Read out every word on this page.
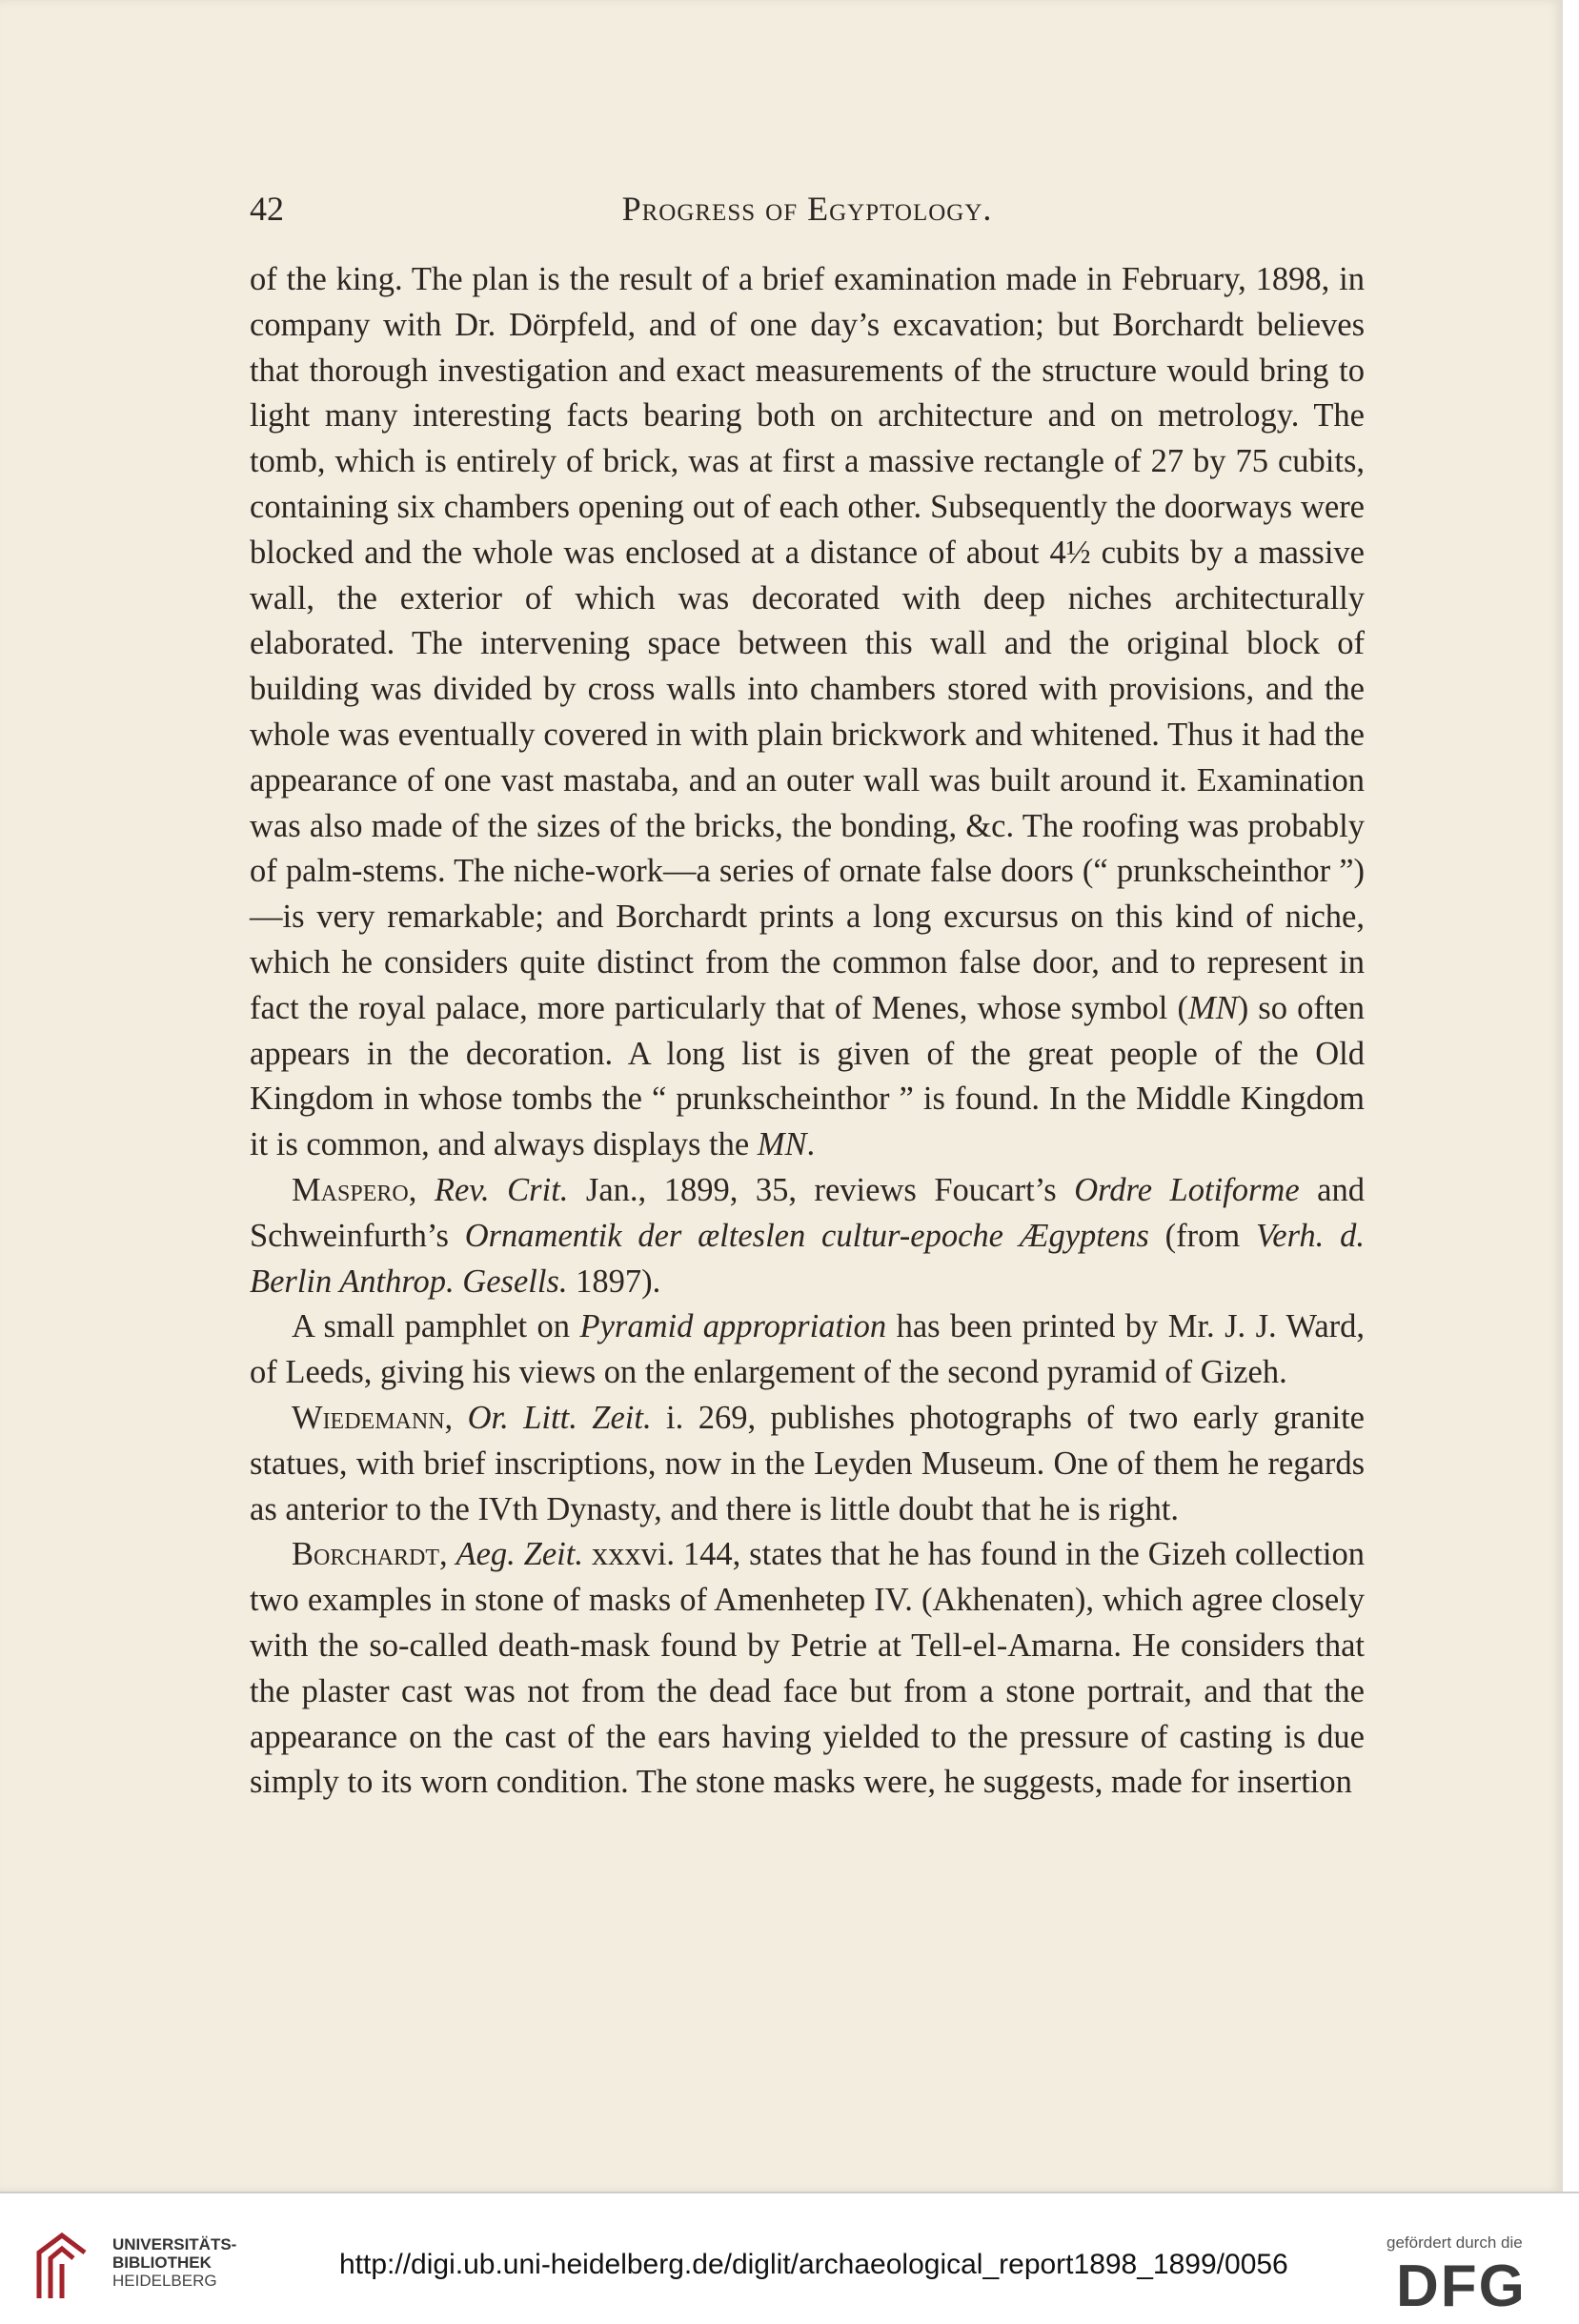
42	Progress of Egyptology.

of the king. The plan is the result of a brief examination made in February, 1898, in company with Dr. Dörpfeld, and of one day’s excavation; but Borchardt believes that thorough investigation and exact measurements of the structure would bring to light many interesting facts bearing both on architecture and on metrology. The tomb, which is entirely of brick, was at first a massive rectangle of 27 by 75 cubits, containing six chambers opening out of each other. Subsequently the doorways were blocked and the whole was enclosed at a distance of about 4½ cubits by a massive wall, the exterior of which was decorated with deep niches architecturally elaborated. The intervening space between this wall and the original block of building was divided by cross walls into chambers stored with provisions, and the whole was eventually covered in with plain brickwork and whitened. Thus it had the appearance of one vast mastaba, and an outer wall was built around it. Examination was also made of the sizes of the bricks, the bonding, &c. The roofing was probably of palm-stems. The niche-work—a series of ornate false doors (“ prunkscheinthor ”)—is very remarkable; and Borchardt prints a long excursus on this kind of niche, which he considers quite distinct from the common false door, and to represent in fact the royal palace, more particularly that of Menes, whose symbol (MN) so often appears in the decoration. A long list is given of the great people of the Old Kingdom in whose tombs the “ prunkscheinthor ” is found. In the Middle Kingdom it is common, and always displays the MN.

Maspero, Rev. Crit. Jan., 1899, 35, reviews Foucart’s Ordre Lotiforme and Schweinfurth’s Ornamentik der ælteslen cultur-epoche Ægyptens (from Verh. d. Berlin Anthrop. Gesells. 1897).

A small pamphlet on Pyramid appropriation has been printed by Mr. J. J. Ward, of Leeds, giving his views on the enlargement of the second pyramid of Gizeh.

Wiedemann, Or. Litt. Zeit. i. 269, publishes photographs of two early granite statues, with brief inscriptions, now in the Leyden Museum. One of them he regards as anterior to the IVth Dynasty, and there is little doubt that he is right.

Borchardt, Aeg. Zeit. xxxvi. 144, states that he has found in the Gizeh collection two examples in stone of masks of Amenhetep IV. (Akhenaten), which agree closely with the so-called death-mask found by Petrie at Tell-el-Amarna. He considers that the plaster cast was not from the dead face but from a stone portrait, and that the appearance on the cast of the ears having yielded to the pressure of casting is due simply to its worn condition. The stone masks were, he suggests, made for insertion

UNIVERSITÄTS-
BIBLIOTHEK
HEIDELBERG
http://digi.ub.uni-heidelberg.de/diglit/archaeological_report1898_1899/0056
gefördert durch die
DFG
